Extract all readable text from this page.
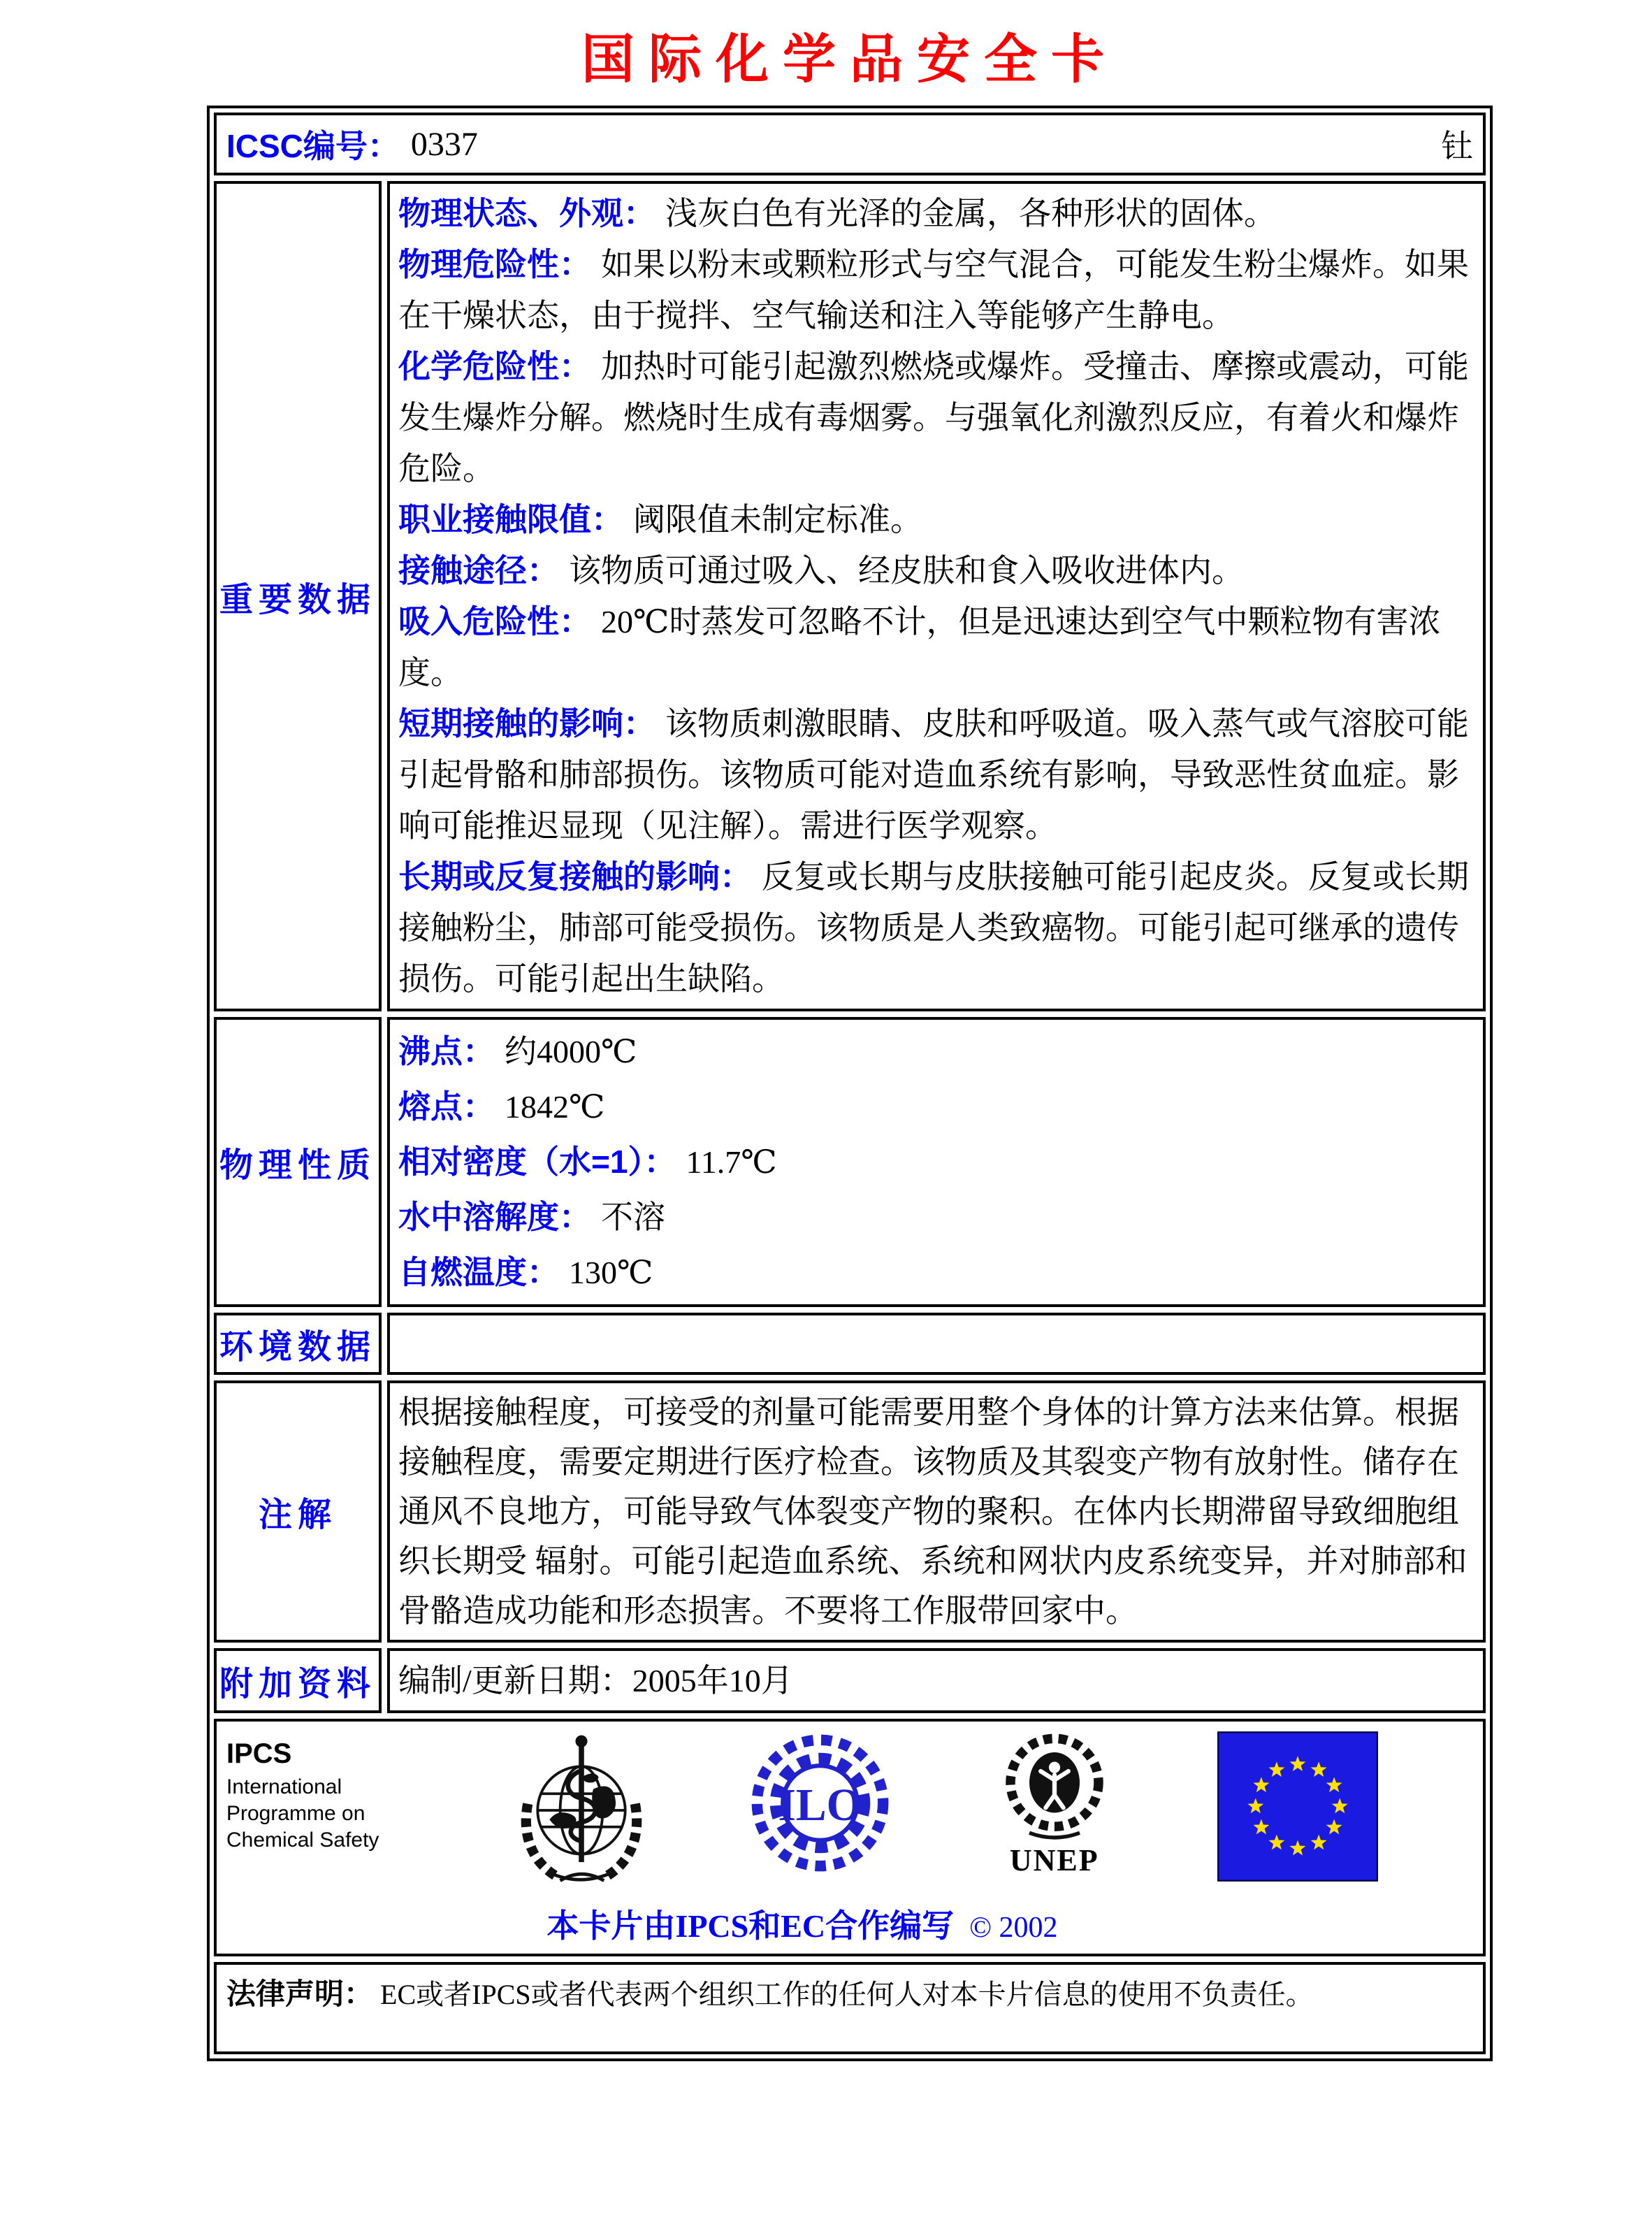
国际化学品安全卡
ICSC编号： 0337	钍
重要数据

物理状态、外观： 浅灰白色有光泽的金属，各种形状的固体。

物理危险性： 如果以粉末或颗粒形式与空气混合，可能发生粉尘爆炸。如果在干燥状态，由于搅拌、空气输送和注入等能够产生静电。

化学危险性： 加热时可能引起激烈燃烧或爆炸。受撞击、摩擦或震动，可能发生爆炸分解。燃烧时生成有毒烟雾。与强氧化剂激烈反应，有着火和爆炸危险。

职业接触限值： 阈限值未制定标准。

接触途径： 该物质可通过吸入、经皮肤和食入吸收进体内。

吸入危险性： 20℃时蒸发可忽略不计，但是迅速达到空气中颗粒物有害浓度。

短期接触的影响： 该物质刺激眼睛、皮肤和呼吸道。吸入蒸气或气溶胶可能引起骨骼和肺部损伤。该物质可能对造血系统有影响，导致恶性贫血症。影响可能推迟显现（见注解）。需进行医学观察。

长期或反复接触的影响： 反复或长期与皮肤接触可能引起皮炎。反复或长期接触粉尘，肺部可能受损伤。该物质是人类致癌物。可能引起可继承的遗传损伤。可能引起出生缺陷。

物理性质

沸点： 约4000℃

熔点： 1842℃

相对密度（水=1）： 11.7℃

水中溶解度： 不溶

自燃温度： 130℃

环境数据
注解

根据接触程度，可接受的剂量可能需要用整个身体的计算方法来估算。根据接触程度，需要定期进行医疗检查。该物质及其裂变产物有放射性。储存在通风不良地方，可能导致气体裂变产物的聚积。在体内长期滞留导致细胞组织长期受 辐射。可能引起造血系统、系统和网状内皮系统变异，并对肺部和骨骼造成功能和形态损害。不要将工作服带回家中。

附加资料 编制/更新日期：2005年10月

IPCS
International
Programme on
Chemical Safety
ILO
UNEP
本卡片由IPCS和EC合作编写 © 2002
法律声明： EC或者IPCS或者代表两个组织工作的任何人对本卡片信息的使用不负责任。
